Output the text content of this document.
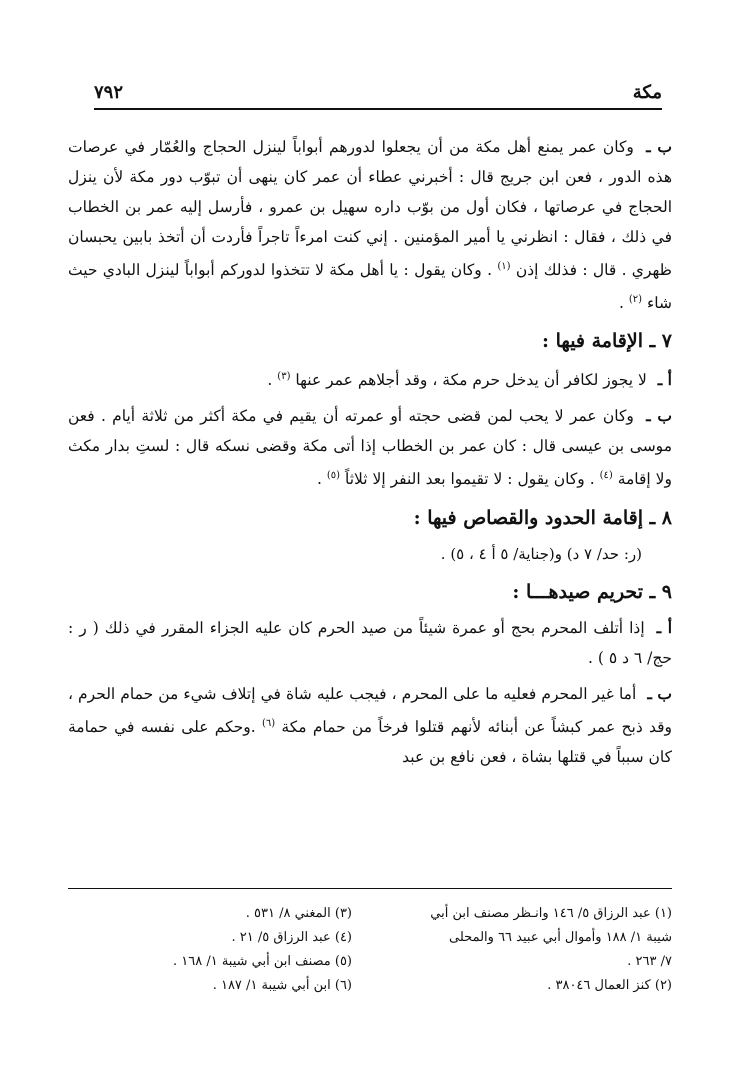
٧٩٢	مكة

ب ـ وكان عمر يمنع أهل مكة من أن يجعلوا لدورهم أبواباً لينزل الحجاج والعُمّار في عرصات هذه الدور ، فعن ابن جريج قال : أخبرني عطاء أن عمر كان ينهى أن تبوّب دور مكة لأن ينزل الحجاج في عرصاتها ، فكان أول من بوّب داره سهيل بن عمرو ، فأرسل إليه عمر بن الخطاب في ذلك ، فقال : انظرني يا أمير المؤمنين . إني كنت امرءاً تاجراً فأردت أن أتخذ بابين يحبسان ظهري . قال : فذلك إذن $^{(١)}$ . وكان يقول : يا أهل مكة لا تتخذوا لدوركم أبواباً لينزل البادي حيث شاء $^{(٢)}$ .

٧ ـ الإقامة فيها :

أ ـ لا يجوز لكافر أن يدخل حرم مكة ، وقد أجلاهم عمر عنها $^{(٣)}$ .

ب ـ وكان عمر لا يحب لمن قضى حجته أو عمرته أن يقيم في مكة أكثر من ثلاثة أيام . فعن موسى بن عيسى قال : كان عمر بن الخطاب إذا أتى مكة وقضى نسكه قال : لستِ بدار مكث ولا إقامة $^{(٤)}$ . وكان يقول : لا تقيموا بعد النفر إلا ثلاثاً $^{(٥)}$ .

٨ ـ إقامة الحدود والقصاص فيها :
(ر: حد/ ٧ د) و(جناية/ ٥ أ ٤ ، ٥) .
٩ ـ تحريم صيدهـــا :

أ ـ إذا أتلف المحرم بحج أو عمرة شيئاً من صيد الحرم كان عليه الجزاء المقرر في ذلك ( ر : حج/ ٦ د ٥ ) .

ب ـ أما غير المحرم فعليه ما على المحرم ، فيجب عليه شاة في إتلاف شيء من حمام الحرم ، وقد ذبح عمر كبشاً عن أبنائه لأنهم قتلوا فرخاً من حمام مكة $^{(٦)}$ .وحكم على نفسه في حمامة كان سبباً في قتلها بشاة ، فعن نافع بن عبد

(١) عبد الرزاق ٥/ ١٤٦ وانـظر مصنف ابن أبي
شيبة ١/ ١٨٨ وأموال أبي عبيد ٦٦ والمحلى
٧/ ٢٦٣ .
(٢) كنز العمال ٣٨٠٤٦ .
(٣) المغني ٨/ ٥٣١ .
(٤) عبد الرزاق ٥/ ٢١ .
(٥) مصنف ابن أبي شيبة ١/ ١٦٨ .
(٦) ابن أبي شيبة ١/ ١٨٧ .
